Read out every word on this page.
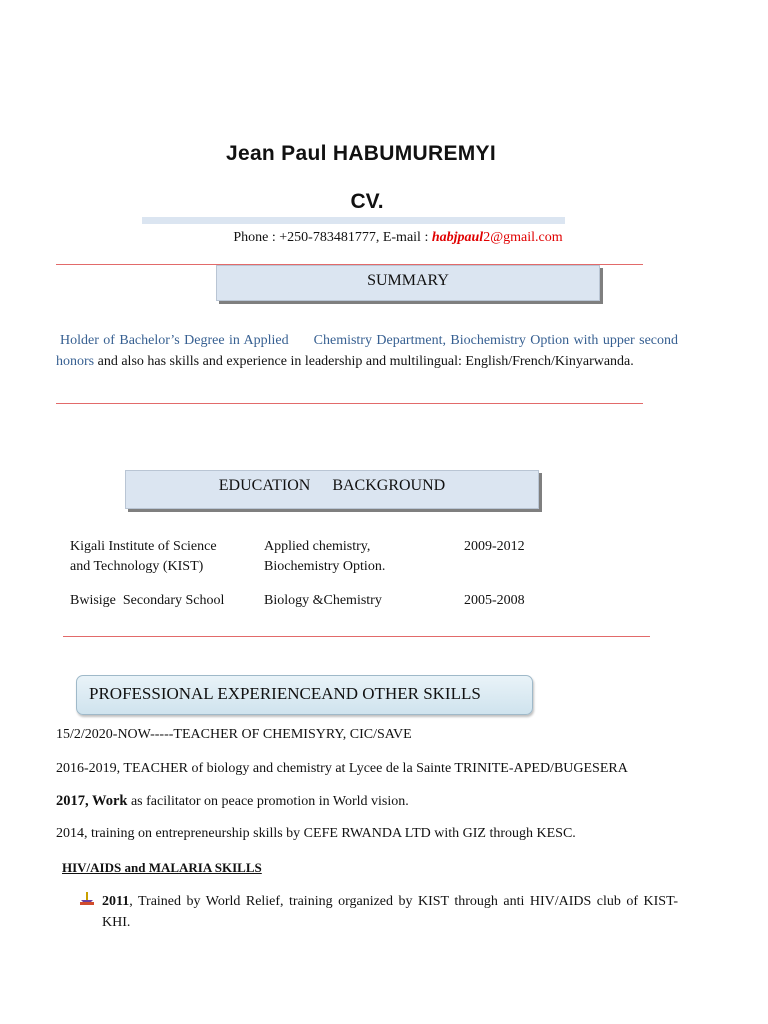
Jean Paul HABUMUREMYI
CV.
Phone : +250-783481777, E-mail : habjpaul2@gmail.com
SUMMARY
Holder of Bachelor’s Degree in Applied Chemistry Department, Biochemistry Option with upper second honors and also has skills and experience in leadership and multilingual: English/French/Kinyarwanda.
EDUCATION BACKGROUND
Kigali Institute of Science
and Technology (KIST)
Applied chemistry,
Biochemistry Option.
2009-2012
Bwisige  Secondary School	Biology &Chemistry	2005-2008
PROFESSIONAL EXPERIENCEAND OTHER SKILLS
15/2/2020-NOW-----TEACHER OF CHEMISYRY, CIC/SAVE
2016-2019, TEACHER of biology and chemistry at Lycee de la Sainte TRINITE-APED/BUGESERA
2017, Work as facilitator on peace promotion in World vision.
2014, training on entrepreneurship skills by CEFE RWANDA LTD with GIZ through KESC.
HIV/AIDS and MALARIA SKILLS
2011, Trained by World Relief, training organized by KIST through anti HIV/AIDS club of KIST-KHI.
